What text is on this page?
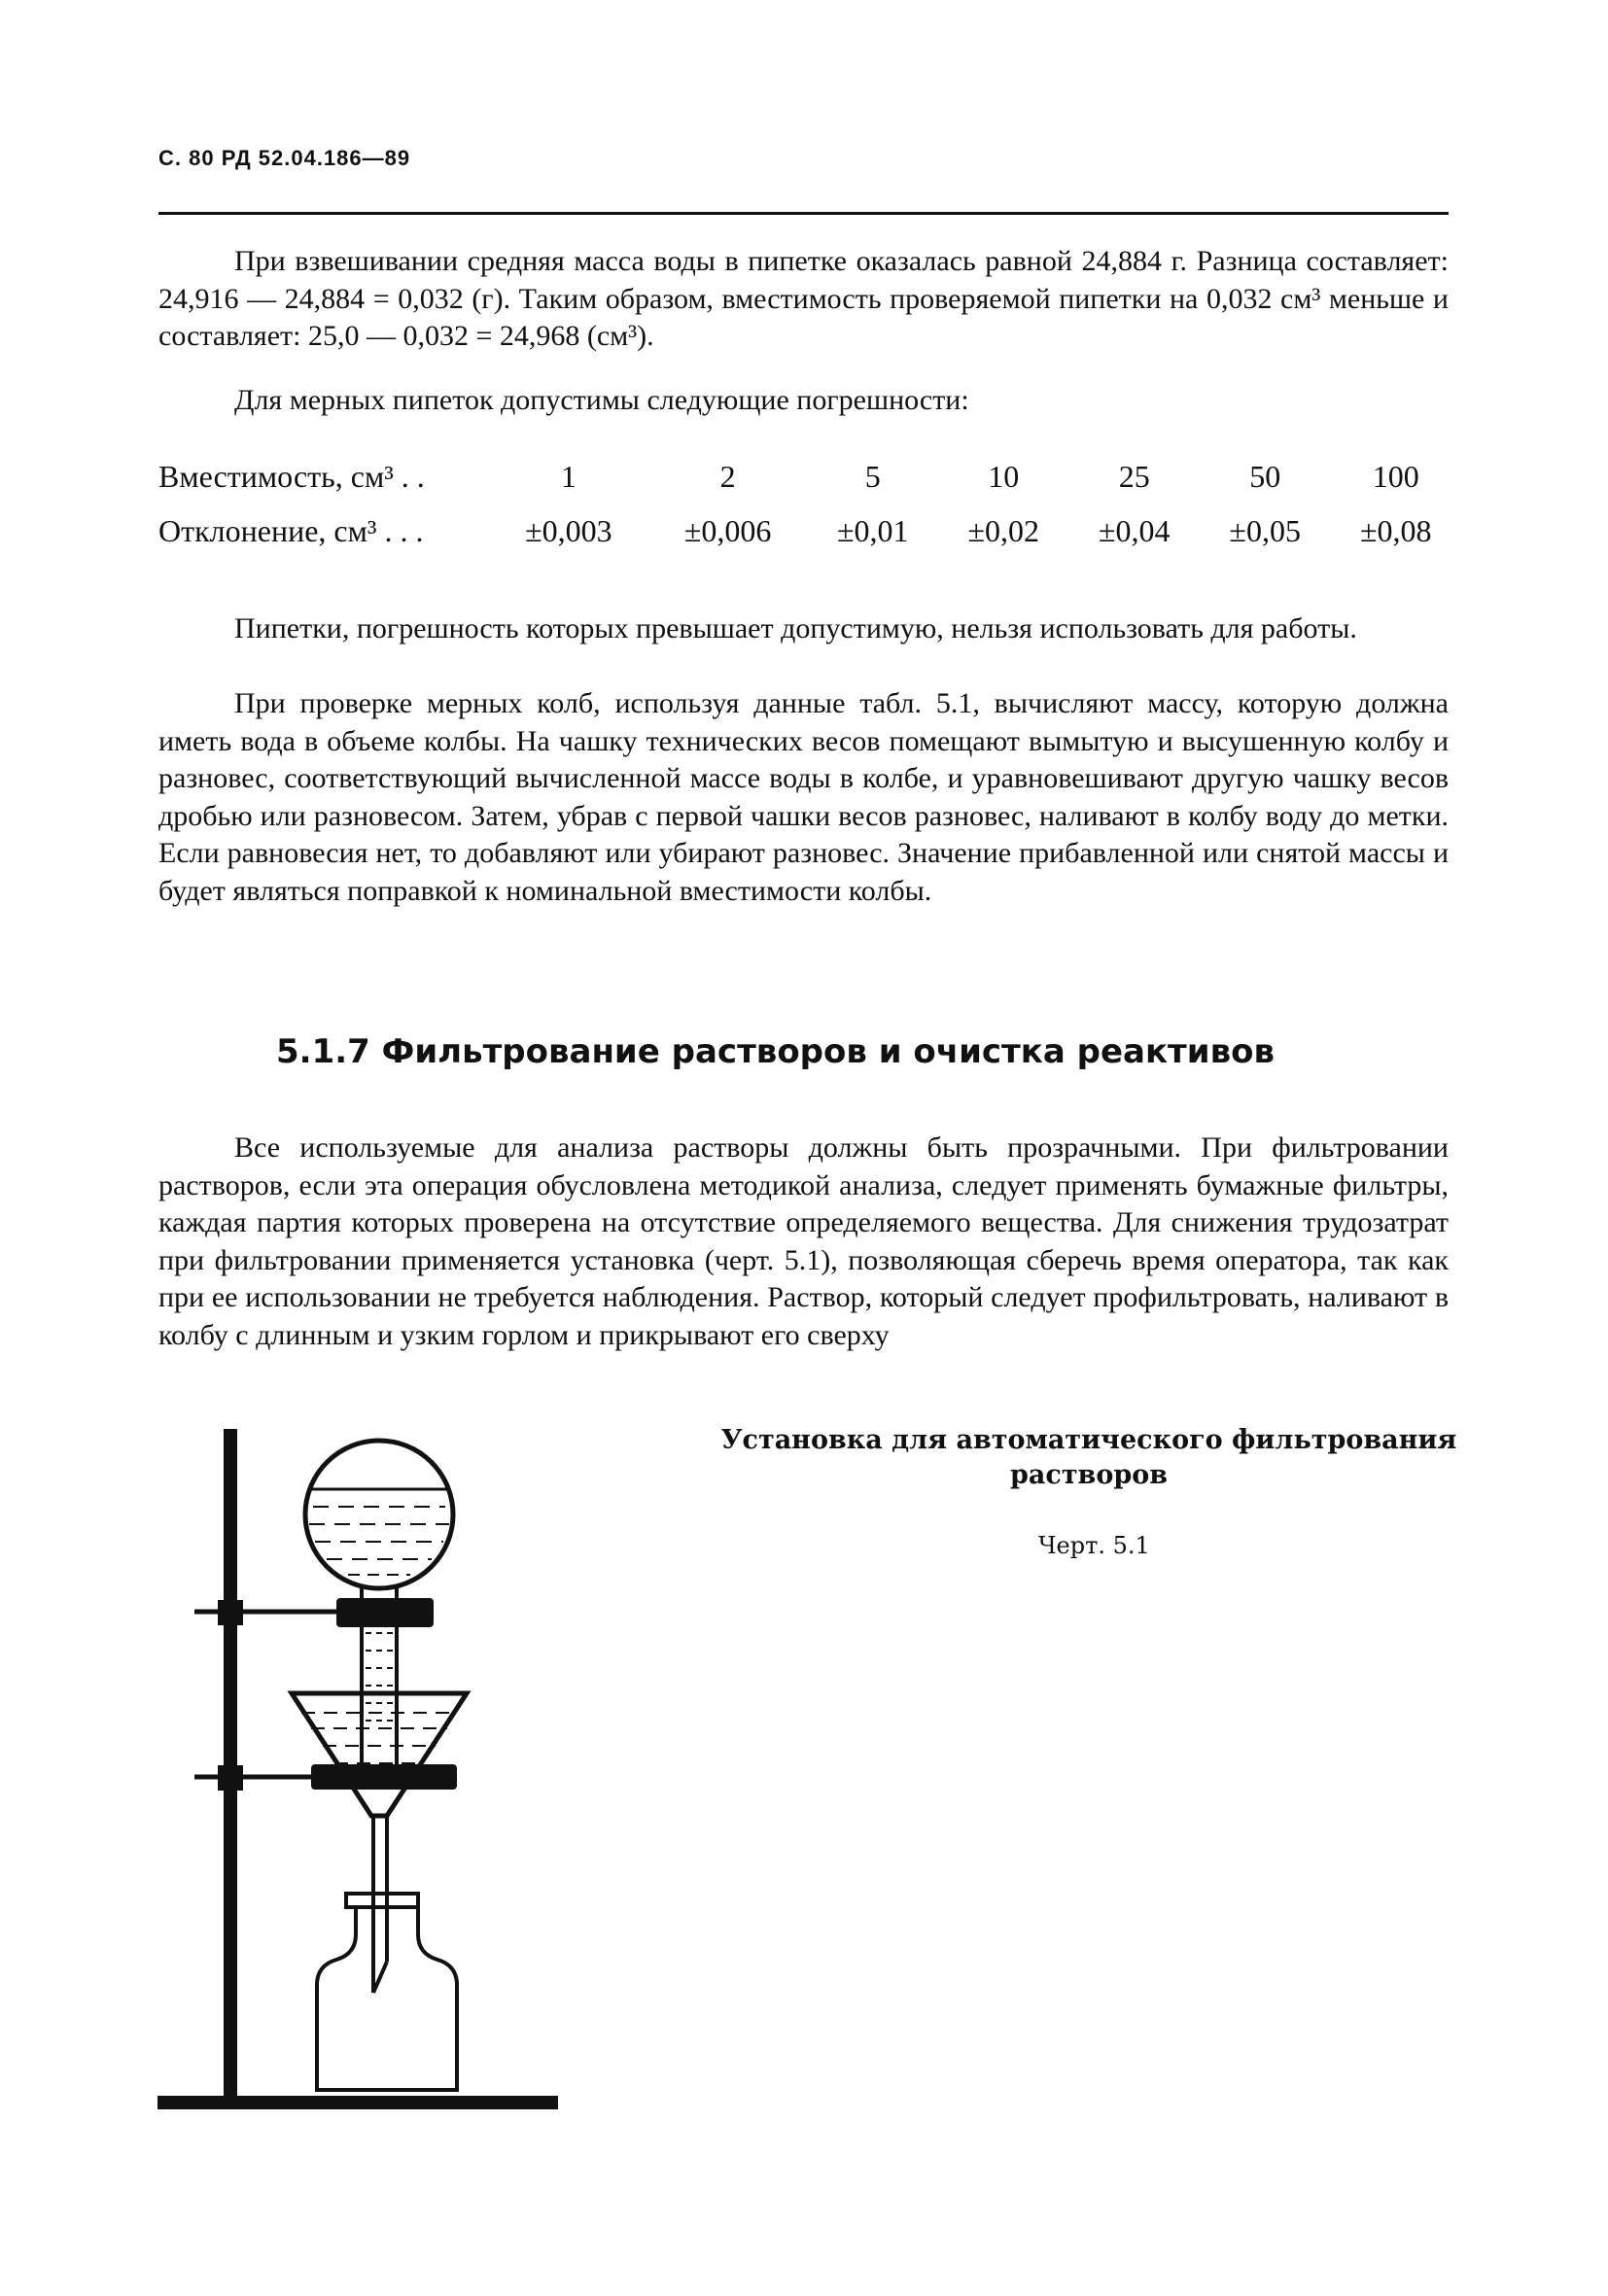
С. 80 РД 52.04.186—89

При взвешивании средняя масса воды в пипетке оказалась равной 24,884 г. Разница составляет: 24,916 — 24,884 = 0,032 (г). Таким образом, вместимость проверяемой пипетки на 0,032 см³ меньше и составляет: 25,0 — 0,032 = 24,968 (см³).

Для мерных пипеток допустимы следующие погрешности:

Вместимость, см³ . .	1	2	5	10	25	50	100
Отклонение, см³ . . .	±0,003	±0,006	±0,01	±0,02	±0,04	±0,05	±0,08

Пипетки, погрешность которых превышает допустимую, нельзя использовать для работы.

При проверке мерных колб, используя данные табл. 5.1, вычисляют массу, которую должна иметь вода в объеме колбы. На чашку технических весов помещают вымытую и высушенную колбу и разновес, соответствующий вычисленной массе воды в колбе, и уравновешивают другую чашку весов дробью или разновесом. Затем, убрав с первой чашки весов разновес, наливают в колбу воду до метки. Если равновесия нет, то добавляют или убирают разновес. Значение прибавленной или снятой массы и будет являться поправкой к номинальной вместимости колбы.

5.1.7 Фильтрование растворов и очистка реактивов

Все используемые для анализа растворы должны быть прозрачными. При фильтровании растворов, если эта операция обусловлена методикой анализа, следует применять бумажные фильтры, каждая партия которых проверена на отсутствие определяемого вещества. Для снижения трудозатрат при фильтровании применяется установка (черт. 5.1), позволяющая сберечь время оператора, так как при ее использовании не требуется наблюдения. Раствор, который следует профильтровать, наливают в колбу с длинным и узким горлом и прикрывают его сверху

Установка для автоматического фильтрования растворов
Черт. 5.1
